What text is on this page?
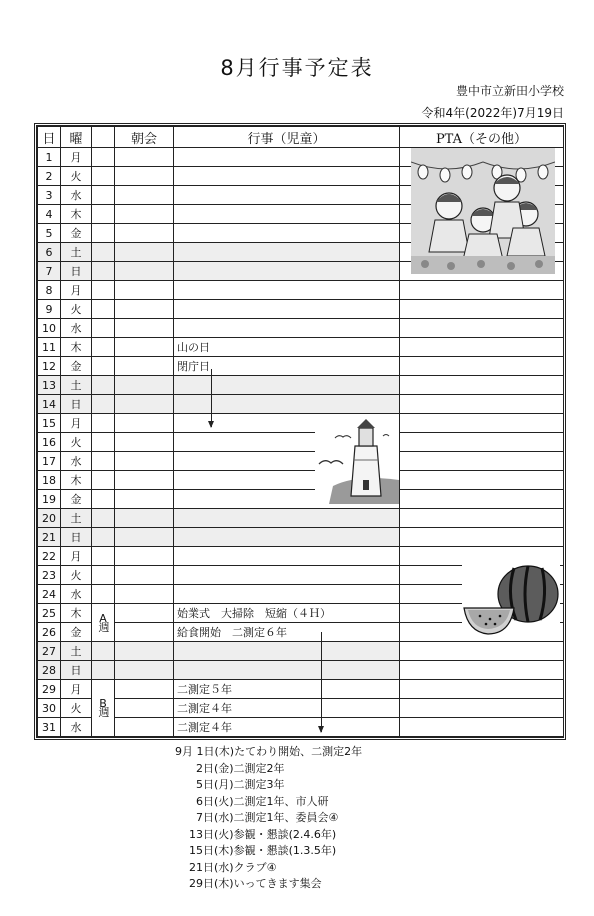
8月行事予定表
豊中市立新田小学校
令和4年(2022年)7月19日
日	曜		朝会	行事（児童）	PTA（その他）
1	月				
2	火				
3	水				
4	木				
5	金				
6	土				
7	日				
8	月				
9	火				
10	水				
11	木			山の日	
12	金			閉庁日	
13	土				
14	日				
15	月				
16	火				
17	水				
18	木				
19	金				
20	土				
21	日				
22	月				
23	火				
24	水				
25	木	A週		始業式　大掃除　短縮（４Ｈ）	
26	金			給食開始　二測定６年	
27	土				
28	日				
29	月	B週		二測定５年	
30	火			二測定４年	
31	水			二測定４年	
9月 1日(木)たてわり開始、二測定2年
2日(金)二測定2年
5日(月)二測定3年
6日(火)二測定1年、市人研
7日(水)二測定1年、委員会④
13日(火)参観・懇談(2.4.6年)
15日(木)参観・懇談(1.3.5年)
21日(水)クラブ④
29日(木)いってきます集会
